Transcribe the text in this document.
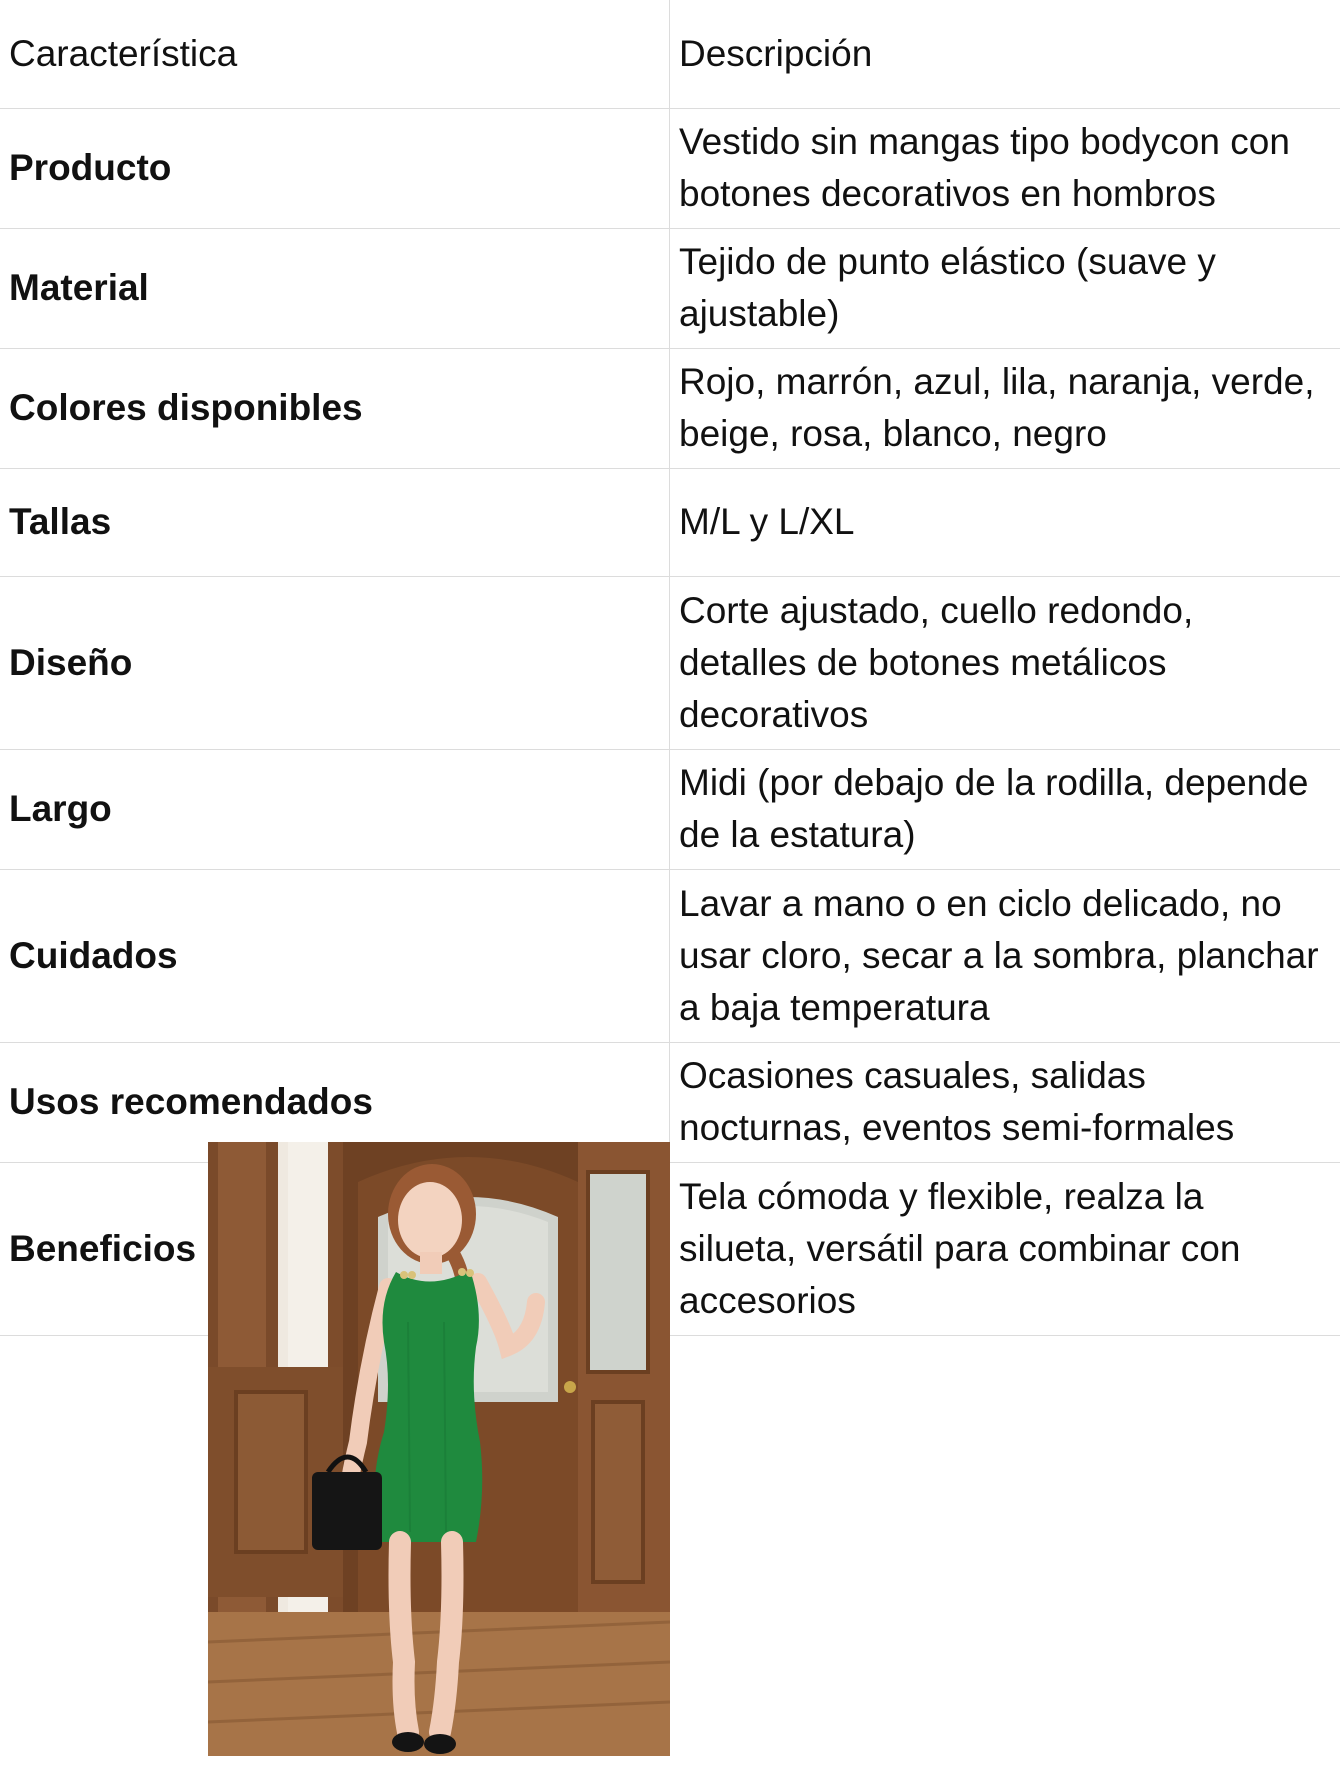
Característica	Descripción
Producto	Vestido sin mangas tipo bodycon con botones decorativos en hombros
Material	Tejido de punto elástico (suave y ajustable)
Colores disponibles	Rojo, marrón, azul, lila, naranja, verde, beige, rosa, blanco, negro
Tallas	M/L y L/XL
Diseño	Corte ajustado, cuello redondo, detalles de botones metálicos decorativos
Largo	Midi (por debajo de la rodilla, depende de la estatura)
Cuidados	Lavar a mano o en ciclo delicado, no usar cloro, secar a la sombra, planchar a baja temperatura
Usos recomendados	Ocasiones casuales, salidas nocturnas, eventos semi-formales
Beneficios	Tela cómoda y flexible, realza la silueta, versátil para combinar con accesorios
